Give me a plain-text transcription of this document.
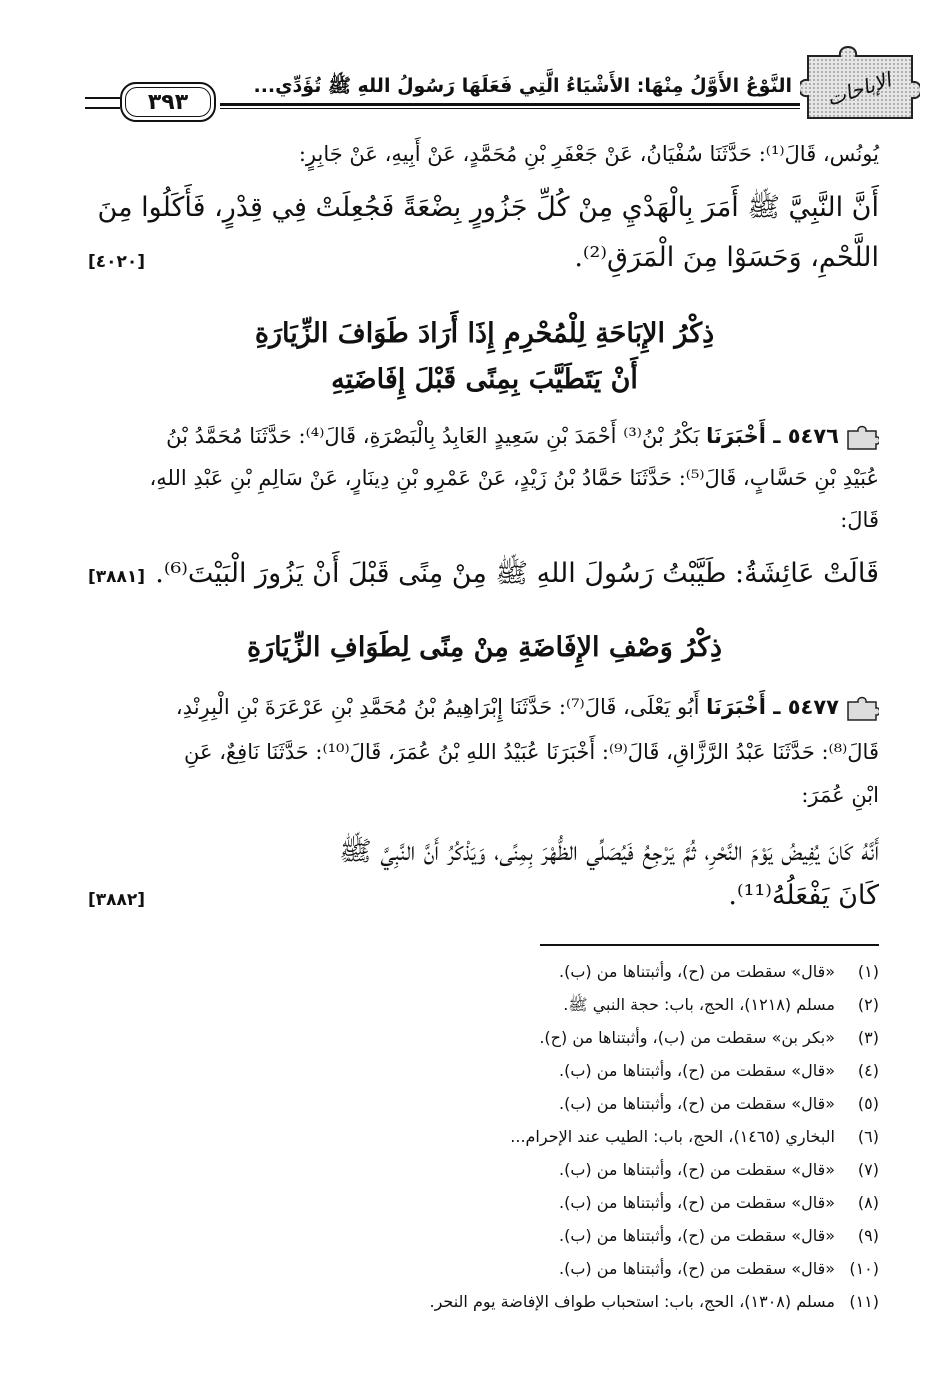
الإباحات
النَّوْعُ الأَوَّلُ مِنْهَا: الأَشْيَاءُ الَّتِي فَعَلَهَا رَسُولُ اللهِ ﷺ تُؤَدِّي...
٣٩٣
يُونُس، قَالَ⁽¹⁾: حَدَّثَنَا سُفْيَانُ، عَنْ جَعْفَرِ بْنِ مُحَمَّدٍ، عَنْ أَبِيهِ، عَنْ جَابِرٍ:
أَنَّ النَّبِيَّ ﷺ أَمَرَ بِالْهَدْيِ مِنْ كُلِّ جَزُورٍ بِضْعَةً فَجُعِلَتْ فِي قِدْرٍ، فَأَكَلُوا مِنَ
اللَّحْمِ، وَحَسَوْا مِنَ الْمَرَقِ⁽²⁾.
[٤٠٢٠]
ذِكْرُ الإِبَاحَةِ لِلْمُحْرِمِ إِذَا أَرَادَ طَوَافَ الزِّيَارَةِ
أَنْ يَتَطَيَّبَ بِمِنًى قَبْلَ إِفَاضَتِهِ
٥٤٧٦ ـ أَخْبَرَنَا بَكْرُ بْنُ⁽³⁾ أَحْمَدَ بْنِ سَعِيدٍ العَابِدُ بِالْبَصْرَةِ، قَالَ⁽⁴⁾: حَدَّثَنَا مُحَمَّدُ بْنُ
عُبَيْدِ بْنِ حَسَّابٍ، قَالَ⁽⁵⁾: حَدَّثَنَا حَمَّادُ بْنُ زَيْدٍ، عَنْ عَمْرِو بْنِ دِينَارٍ، عَنْ سَالِمِ بْنِ عَبْدِ اللهِ،
قَالَ:
قَالَتْ عَائِشَةُ: طَيَّبْتُ رَسُولَ اللهِ ﷺ مِنْ مِنًى قَبْلَ أَنْ يَزُورَ الْبَيْتَ⁽⁶⁾.
[٣٨٨١]
ذِكْرُ وَصْفِ الإِفَاضَةِ مِنْ مِنًى لِطَوَافِ الزِّيَارَةِ
٥٤٧٧ ـ أَخْبَرَنَا أَبُو يَعْلَى، قَالَ⁽⁷⁾: حَدَّثَنَا إِبْرَاهِيمُ بْنُ مُحَمَّدِ بْنِ عَرْعَرَةَ بْنِ الْبِرِنْدِ،
قَالَ⁽⁸⁾: حَدَّثَنَا عَبْدُ الرَّزَّاقِ، قَالَ⁽⁹⁾: أَخْبَرَنَا عُبَيْدُ اللهِ بْنُ عُمَرَ، قَالَ⁽¹⁰⁾: حَدَّثَنَا نَافِعٌ، عَنِ
ابْنِ عُمَرَ:
أَنَّهُ كَانَ يُفِيضُ يَوْمَ النَّحْرِ، ثُمَّ يَرْجِعُ فَيُصَلِّي الظُّهْرَ بِمِنًى، وَيَذْكُرُ أَنَّ النَّبِيَّ ﷺ
كَانَ يَفْعَلُهُ⁽¹¹⁾.
[٣٨٨٢]
(١)«قال» سقطت من (ح)، وأثبتناها من (ب).
(٢)مسلم (١٢١٨)، الحج، باب: حجة النبي ﷺ.
(٣)«بكر بن» سقطت من (ب)، وأثبتناها من (ح).
(٤)«قال» سقطت من (ح)، وأثبتناها من (ب).
(٥)«قال» سقطت من (ح)، وأثبتناها من (ب).
(٦)البخاري (١٤٦٥)، الحج، باب: الطيب عند الإحرام...
(٧)«قال» سقطت من (ح)، وأثبتناها من (ب).
(٨)«قال» سقطت من (ح)، وأثبتناها من (ب).
(٩)«قال» سقطت من (ح)، وأثبتناها من (ب).
(١٠)«قال» سقطت من (ح)، وأثبتناها من (ب).
(١١)مسلم (١٣٠٨)، الحج، باب: استحباب طواف الإفاضة يوم النحر.
